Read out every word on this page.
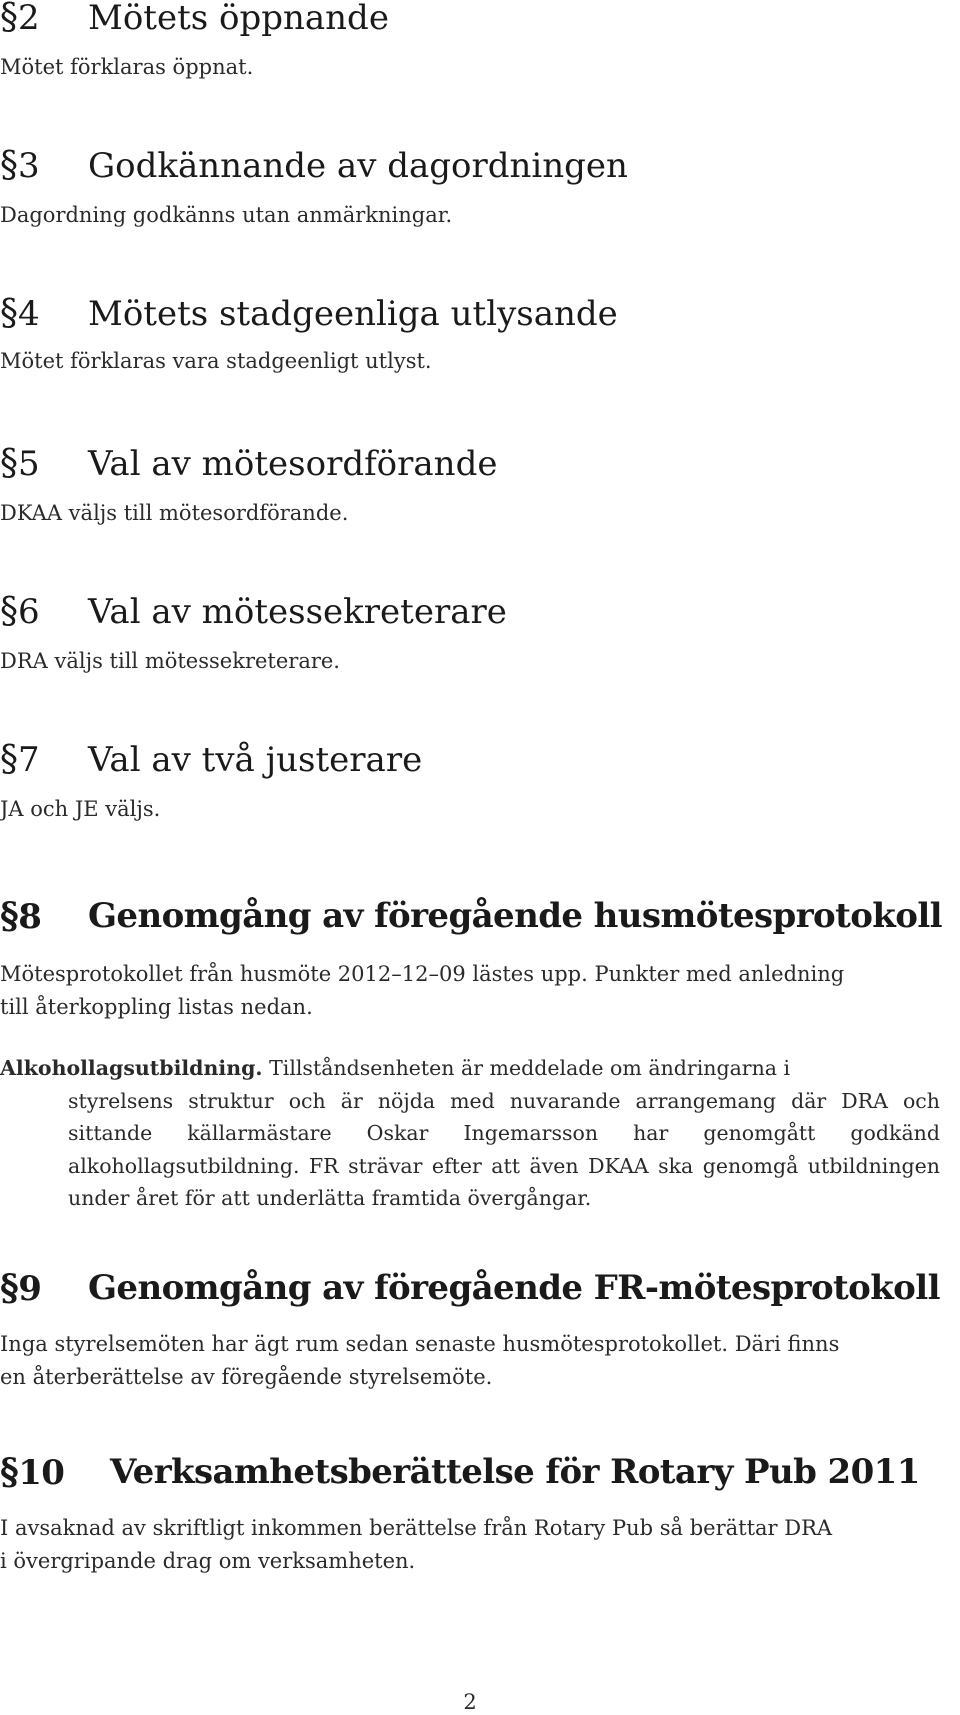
§2 Mötets öppnande
Mötet förklaras öppnat.
§3 Godkännande av dagordningen
Dagordning godkänns utan anmärkningar.
§4 Mötets stadgeenliga utlysande
Mötet förklaras vara stadgeenligt utlyst.
§5 Val av mötesordförande
DKAA väljs till mötesordförande.
§6 Val av mötessekreterare
DRA väljs till mötessekreterare.
§7 Val av två justerare
JA och JE väljs.
§8 Genomgång av föregående husmötesprotokoll
Mötesprotokollet från husmöte 2012–12–09 lästes upp. Punkter med anledning
till återkoppling listas nedan.
Alkohollagsutbildning. Tillståndsenheten är meddelade om ändringarna i
styrelsens struktur och är nöjda med nuvarande arrangemang där DRA och sittande källarmästare Oskar Ingemarsson har genomgått godkänd alkohollagsutbildning. FR strävar efter att även DKAA ska genomgå utbildningen under året för att underlätta framtida övergångar.
§9 Genomgång av föregående FR-mötesprotokoll
Inga styrelsemöten har ägt rum sedan senaste husmötesprotokollet. Däri finns
en återberättelse av föregående styrelsemöte.
§10 Verksamhetsberättelse för Rotary Pub 2011
I avsaknad av skriftligt inkommen berättelse från Rotary Pub så berättar DRA
i övergripande drag om verksamheten.
2
